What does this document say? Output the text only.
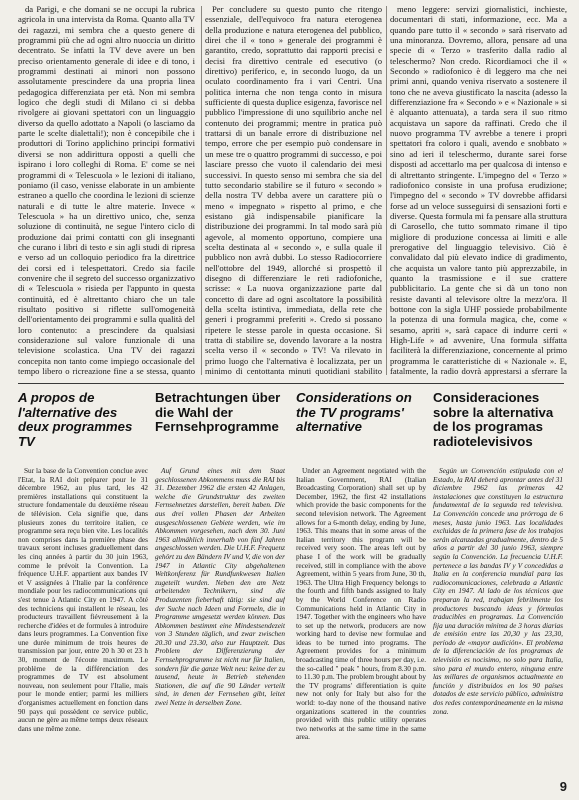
da Parigi, e che domani se ne occupi la rubrica agricola in una intervista da Roma. Quanto alla TV dei ragazzi, mi sembra che a questo genere di programmi più che ad ogni altro nuoccia un diritto decentrato. Se infatti la TV deve avere un ben preciso orientamento generale di idee e di tono, i programmi destinati ai minori non possono assolutamente prescindere da una propria linea pedagogica differenziata per età. Non mi sembra logico che degli studi di Milano ci si debba rivolgere ai giovani spettatori con un linguaggio diverso da quello adottato a Napoli (o lasciamo da parte le scelte dialettali!); non è concepibile che i produttori di Torino applichino principi formativi diversi se non addirittura opposti a quelli che ispirano i loro colleghi di Roma. E' come se nei programmi di « Telescuola » le lezioni di italiano, poniamo (il caso, venisse elaborate in un ambiente estraneo a quello che coordina le lezioni di scienze naturali e di tutte le altre materie. Invece « Telescuola » ha un direttivo unico, che, senza soluzione di continuità, ne segue l'intero ciclo di produzione dai primi contatti con gli insegnanti che curano i libri di testo e sin agli studi di ripresa e verso ad un colloquio periodico fra la direttrice dei corsi ed i telespettatori. Credo sia facile convenire che il segreto del successo organizzativo di « Telescuola » risieda per l'appunto in questa continuità, ed è altrettanto chiaro che un tale risultato positivo si riflette sull'omogeneità dell'orientamento dei programmi e sulla qualità del loro contenuto: a prescindere da qualsiasi considerazione sul valore funzionale di una televisione scolastica. Una TV dei ragazzi concepita non tanto come impiego occasionale del tempo libero o ricreazione fine a se stessa, quanto

Per concludere su questo punto che ritengo essenziale, dell'equivoco fra natura eterogenea della produzione e natura eterogenea del pubblico, direi che il « tono » generale dei programmi è garantito, credo, soprattutto dai rapporti precisi e decisi fra direttivo centrale ed esecutivo (o direttivo) periferico, e, in secondo luogo, da un oculato coordinamento fra i vari Centri. Una politica interna che non tenga conto in misura sufficiente di questa duplice esigenza, favorisce nel pubblico l'impressione di uno squilibrio anche nel contenuto dei programmi; mentre in pratica può trattarsi di un banale errore di distribuzione nel tempo, errore che per esempio può condensare in un mese tre o quattro programmi di successo, e poi lasciare presso che vuoto il calendario dei mesi successivi. In questo senso mi sembra che sia del tutto secondario stabilire se il futuro « secondo » della nostra TV debba avere un carattere più o meno « impegnato » rispetto al primo, e che esistano già indispensabile pianificare la distribuzione dei programmi. In tal modo sarà più agevole, al momento opportuno, compiere una scelta destinata al « secondo », e sulla quale il pubblico non avrà dubbi. Lo stesso Radiocorriere nell'ottobre del 1949, allorché si prospettò il disegno di differenziare le reti radiofoniche, scrisse: « La nuova organizzazione parte dal concetto di dare ad ogni ascoltatore la possibilità della scelta istintiva, immediata, della rete che generi i programmi preferiti ». Credo si possano ripetere le stesse parole in questa occasione. Si tratta di stabilire se, dovendo lavorare a la nostra scelta verso il « secondo » TV! Va rilevato in primo luogo che l'alternativa è localizzata, per un minimo di centottanta minuti quotidiani stabilito

meno leggere: servizi giornalistici, inchieste, documentari di stati, informazione, ecc. Ma a quando pare tutto il « secondo » sarà riservato ad una minoranza. Dovremo, allora, pensare ad una specie di « Terzo » trasferito dalla radio al teleschermo? Non credo. Ricordiamoci che il « Secondo » radiofonico è di leggero ma che nei primi anni, quando veniva riservato a sostenere il tono che ne aveva giustificato la nascita (adesso la differenziazione fra « Secondo » e « Nazionale » si è alquanto attenuata), a tarda sera il suo ritmo acquistava un sapore da raffinati. Credo che il nuovo programma TV avrebbe a tenere i propri spettatori fra coloro i quali, avendo e snobbato » sino ad ieri il teleschermo, durante sarei forse disposti ad accettarlo ma per qualcosa di intenso e di altrettanto stringente. L'impegno del « Terzo » radiofonico consiste in una profusa erudizione; l'impegno del « secondo » TV dovrebbe affidarsi forse ad un veloce susseguirsi di sensazioni forti e diverse. Questa formula mi fa pensare alla struttura di Carosello, che tutto sommato rimane il tipo migliore di produzione concessa ai limiti e alle prerogative del linguaggio televisivo. Ciò è convalidato dal più elevato indice di gradimento, che acquista un valore tanto più apprezzabile, in quanto la trasmissione e il sue crattere pubblicitario. La gente che si dà un tono non resiste davanti al televisore oltre la mezz'ora. Il bottone con la sigla UHF possiede probabilmente la potenza di una formula magica, che, come « sesamo, apriti », sarà capace di indurre certi « High-Life » ad avvenire, Una formula siffatta faciliterà la differenziazione, concernente al primo programma le caratteristiche di « Nazionale ». E, fatalmente, la radio dovrà apprestarsi a sferrare la

A propos de l'alternative des deux programmes TV
Betrachtungen über die Wahl der Fernsehprogramme
Considerations on the TV programs' alternative
Consideraciones sobre la alternativa de los programas radiotelevisivos

Sur la base de la Convention conclue avec l'Etat, la RAI doit préparer pour le 31 décembre 1962, au plus tard, les 42 premières installations qui constituent la structure fondamentale du deuxième réseau de télévision. Cela signifie que, dans plusieurs zones du territoire italien, ce programme sera reçu bien vite. Les localités non comprises dans la première phase des travaux seront incluses graduellement dans les cinq années à partir du 30 juin 1963, comme le prévoit la Convention. La fréquence U.H.F. appartient aux bandes IV et V assignées à l'Italie par la conférence mondiale pour les radiocommunications qui s'est tenue à Atlantic City en 1947. A côté des techniciens qui installent le réseau, les producteurs travaillent fiévreusement à la recherche d'idées et de formules à introduire dans leurs programmes. La Convention fixe une durée minimum de trois heures de transmission par jour, entre 20 h 30 et 23 h 30, moment de l'écoute maximum. Le problème de la différenciation des programmes de TV est absolument nouveau, non seulement pour l'Italie, mais pour le monde entier; parmi les milliers d'organismes actuellement en fonction dans 90 pays qui possèdent ce service public, aucun ne gère au même temps deux réseaux dans une même zone.

Auf Grund eines mit dem Staat geschlossenen Abkommens muss die RAI bis 31. Dezember 1962 die ersten 42 Anlagen, welche die Grundstruktur des zweiten Fernsehnetzes darstellen, bereit haben. Die aus drei vollen Phasen der Arbeiten ausgeschlossenen Gebiete werden, wie im Abkommen vorgesehen, nach dem 30. Juni 1963 allmählich innerhalb von fünf Jahren angeschlossen werden. Die U.H.F. Frequenz gehört zu den Bändern IV und V, die von der 1947 in Atlantic City abgehaltenen Weltkonferenz für Rundfunkwesen Italien zugeteilt wurden. Neben den am Netz arbeitenden Technikern, sind die Produzenten fieberhaft tätig: sie sind auf der Suche nach Ideen und Formeln, die in Programme umgesetzt werden können. Das Abkommen bestimmt eine Mindestsendezeit von 3 Stunden täglich, und zwar zwischen 20.30 und 23.30, also zur Hauptzeit. Das Problem der Differenzierung der Fernsehprogramme ist nicht nur für Italien, sondern für die ganze Welt neu: keine der zu tausend, heute in Betrieb stehenden Stationen, die auf die 90 Länder verteilt sind, in denen der Fernsehen gibt, leitet zwei Netze in derselben Zone.

Under an Agreement negotiated with the Italian Government, RAI (Italian Broadcasting Corporation) shall set up by December, 1962, the first 42 installations which provide the basic components for the second television network. The Agreement allows for a 6-month delay, ending by June, 1963. This means that in some areas of the Italian territory this program will be received very soon. The areas left out by phase I of the work will be gradually received, still in compliance with the above Agreement, within 5 years from June, 30 th, 1963. The Ultra High Frequency belongs to the fourth and fifth bands assigned to Italy by the World Conference on Radio Communications held in Atlantic City in 1947. Together with the engineers who have to set up the network, producers are now working hard to devise new formulae and ideas to be turned into programs. The Agreement provides for a minimum broadcasting time of three hours per day, i.e. the so-called " peak " hours, from 8.30 p.m. to 11.30 p.m. The problem brought about by the TV programs' differentiation is quite new not only for Italy but also for the world: to-day none of the thousand native organizations scattered in the countries provided with this public utility operates two networks at the same time in the same area.

Según un Convención estipulada con el Estado, la RAI deberá aprontar antes del 31 diciembre 1962 las primeras 42 instalaciones que constituyen la estructura fundamental de la segunda red televisiva. La Convención concede una prórroga de 6 meses, hasta junio 1963. Las localidades excluidas de la primera fase de los trabajos serán alcanzadas gradualmente, dentro de 5 años a partir del 30 junio 1963, siempre según la Convención. La frecuencia U.H.F. pertenece a las bandas IV y V concedidas a Italia en la conferencia mundial para las radiocomunicaciones, celebrada a Atlantic City en 1947. Al lado de los técnicos que preparan la red, trabajan febrilmente los productores buscando ideas y fórmulas traducibles en programas. La Convención fija una duración mínima de 3 horas diarias de emisión entre las 20,30 y las 23,30, período de «mayor audición». El problema de la diferenciación de los programas de televisión es nocisimo, no solo para Italia, sino para el mundo entero, ninguna entre las millares de organismos actualmente en función y distribuidos en los 90 países dotados de este servicio público, administra dos redes contemporáneamente en la misma zona.

9
